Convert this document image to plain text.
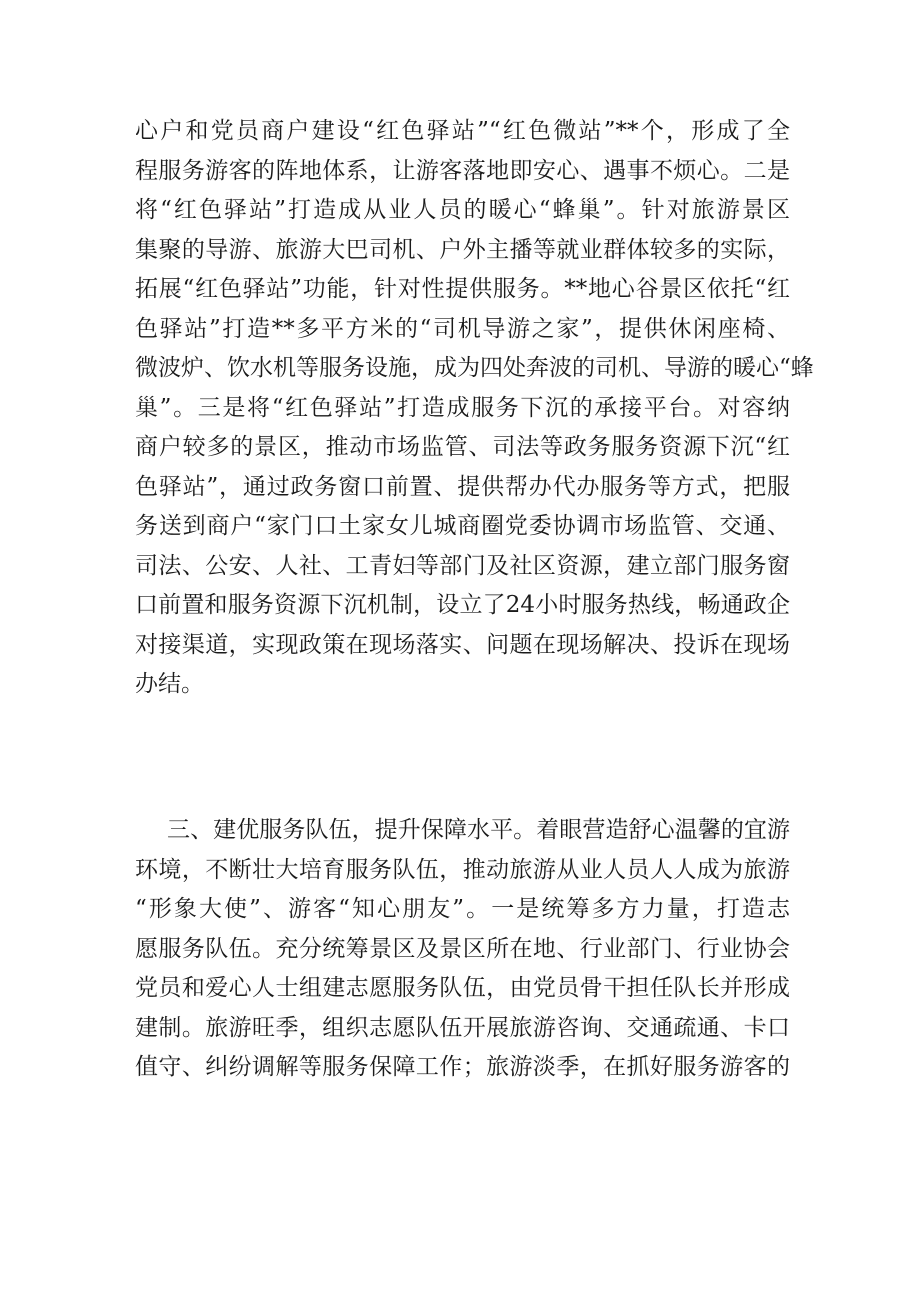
心户和党员商户建设“红色驿站”“红色微站”**个，形成了全
程服务游客的阵地体系，让游客落地即安心、遇事不烦心。二是
将“红色驿站”打造成从业人员的暖心“蜂巢”。针对旅游景区
集聚的导游、旅游大巴司机、户外主播等就业群体较多的实际，
拓展“红色驿站”功能，针对性提供服务。**地心谷景区依托“红
色驿站”打造**多平方米的“司机导游之家”，提供休闲座椅、
微波炉、饮水机等服务设施，成为四处奔波的司机、导游的暖心“蜂
巢”。三是将“红色驿站”打造成服务下沉的承接平台。对容纳
商户较多的景区，推动市场监管、司法等政务服务资源下沉“红
色驿站”，通过政务窗口前置、提供帮办代办服务等方式，把服
务送到商户“家门口土家女儿城商圈党委协调市场监管、交通、
司法、公安、人社、工青妇等部门及社区资源，建立部门服务窗
口前置和服务资源下沉机制，设立了24小时服务热线，畅通政企
对接渠道，实现政策在现场落实、问题在现场解决、投诉在现场
办结。
三、建优服务队伍，提升保障水平。着眼营造舒心温馨的宜游
环境，不断壮大培育服务队伍，推动旅游从业人员人人成为旅游
“形象大使”、游客“知心朋友”。一是统筹多方力量，打造志
愿服务队伍。充分统筹景区及景区所在地、行业部门、行业协会
党员和爱心人士组建志愿服务队伍，由党员骨干担任队长并形成
建制。旅游旺季，组织志愿队伍开展旅游咨询、交通疏通、卡口
值守、纠纷调解等服务保障工作；旅游淡季，在抓好服务游客的
